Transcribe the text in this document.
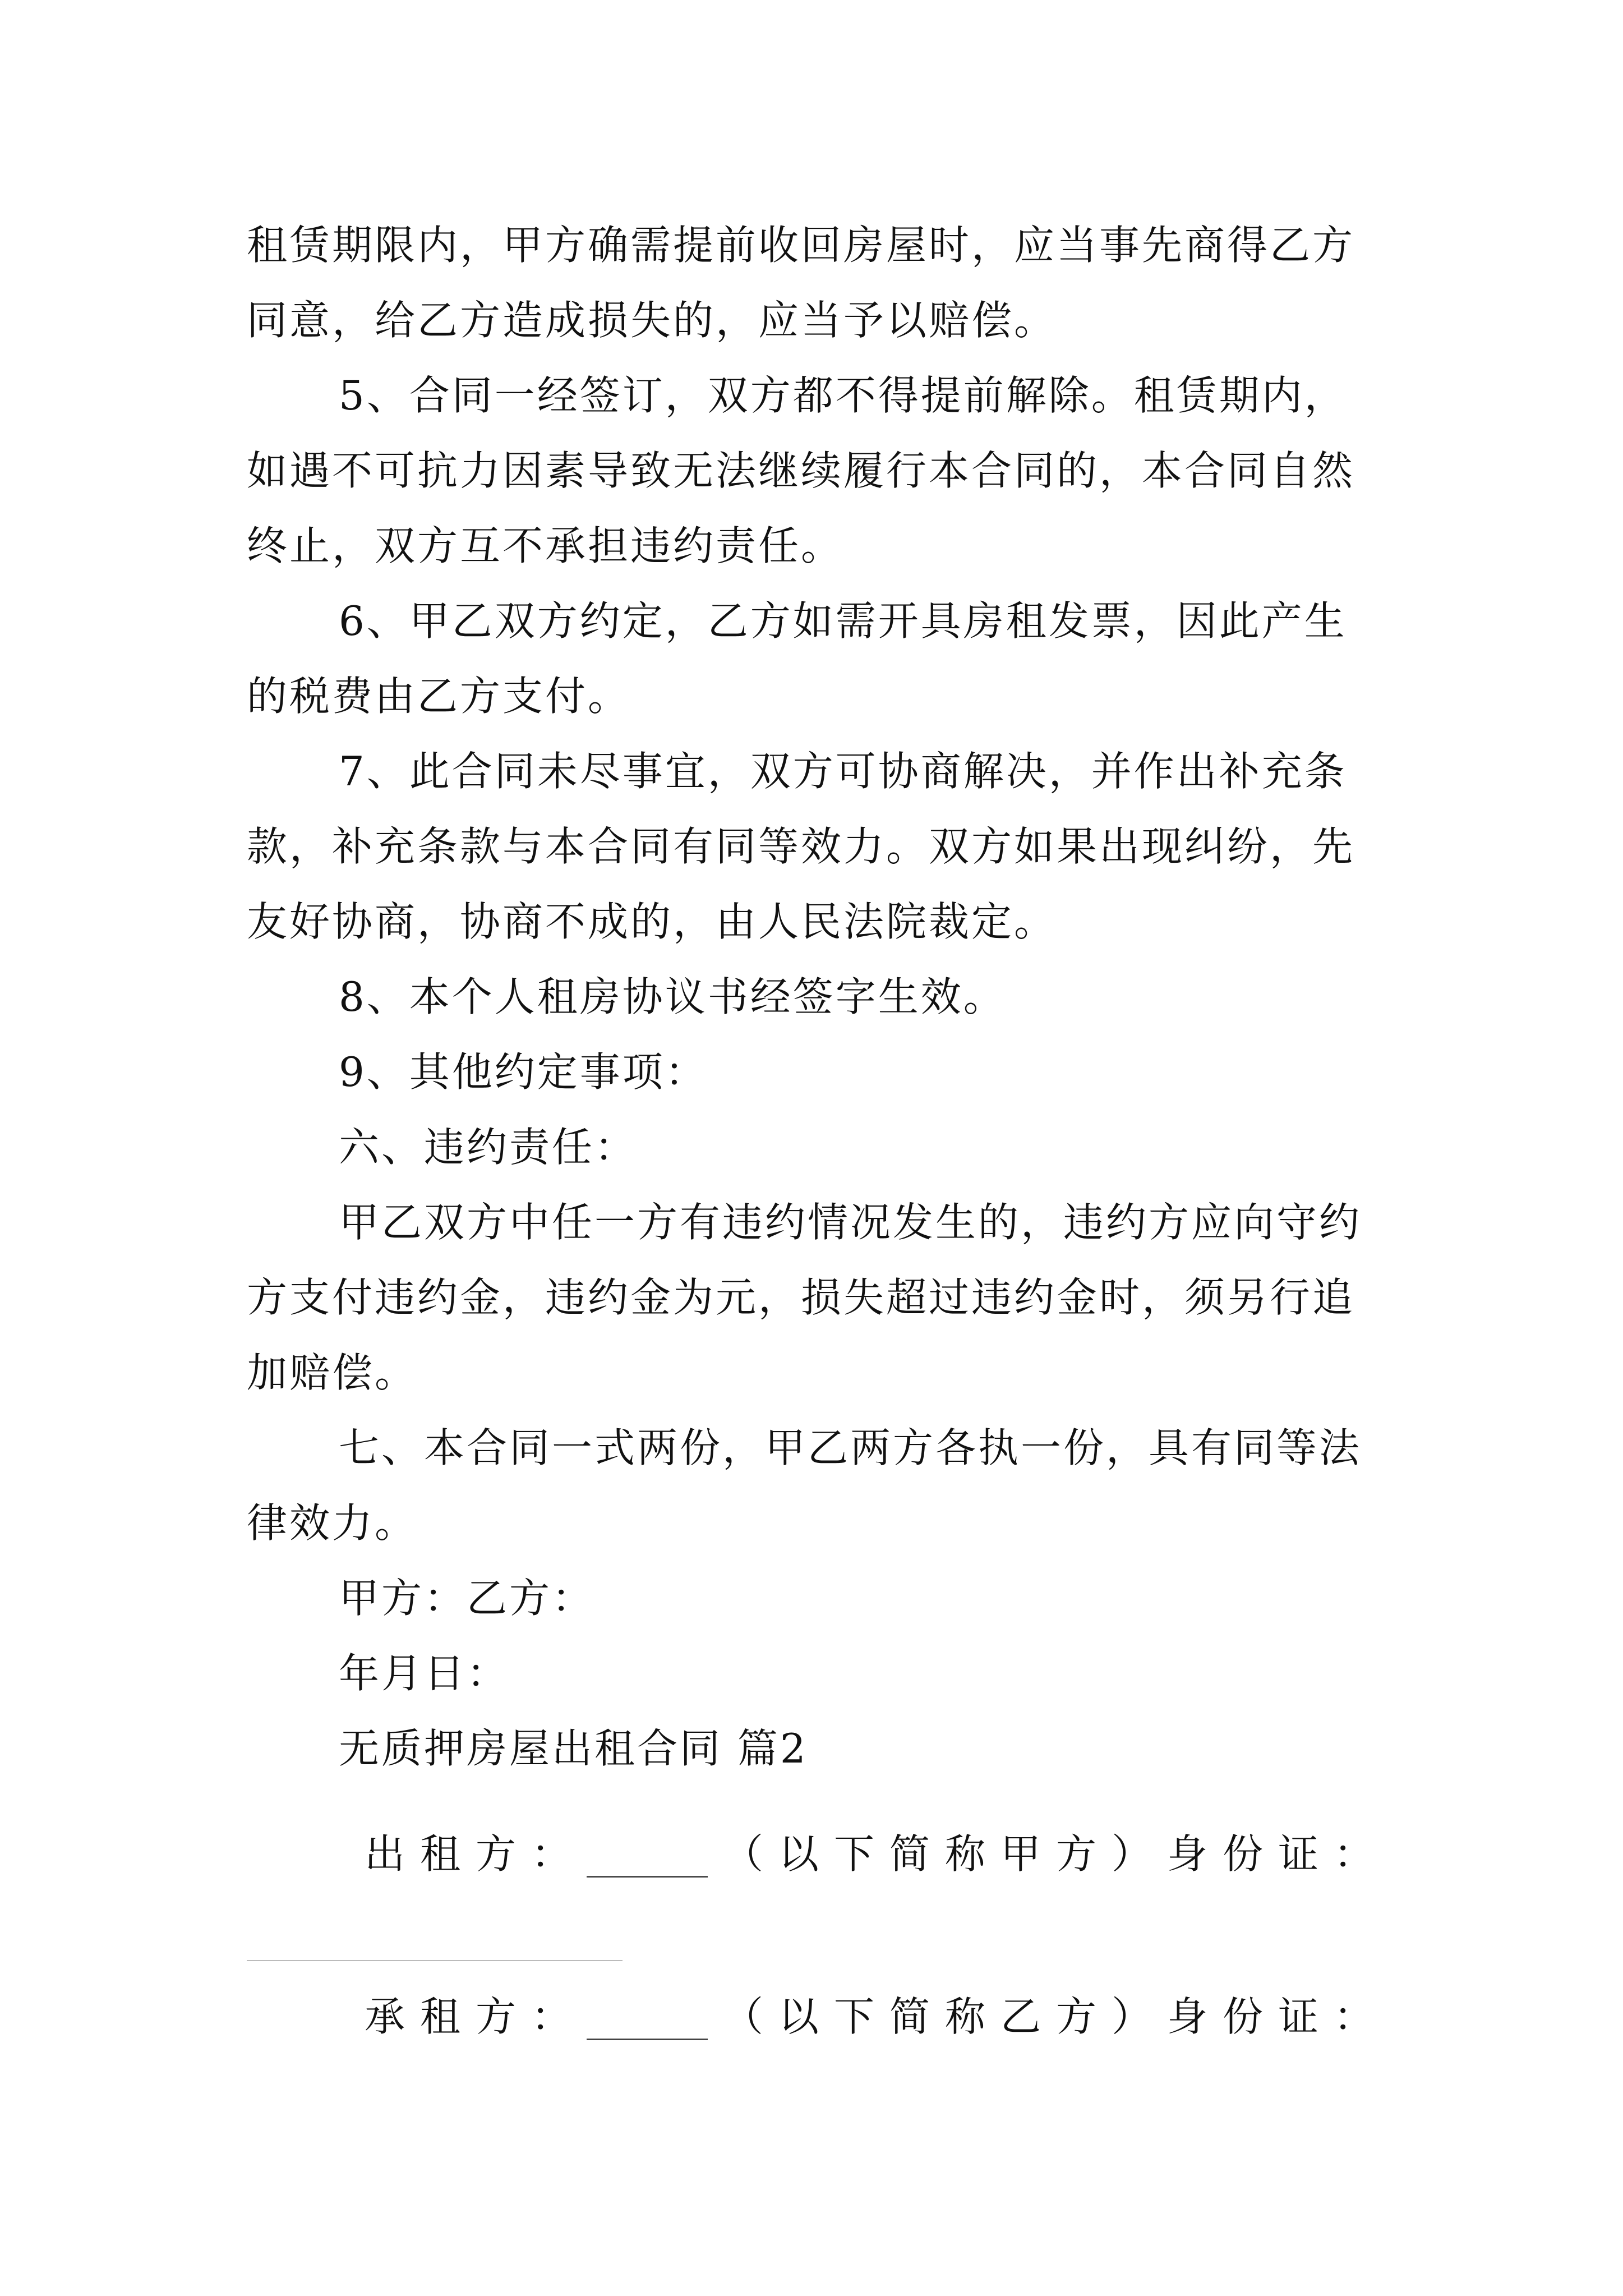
租赁期限内，甲方确需提前收回房屋时，应当事先商得乙方
同意，给乙方造成损失的，应当予以赔偿。
5、合同一经签订，双方都不得提前解除。租赁期内，
如遇不可抗力因素导致无法继续履行本合同的，本合同自然
终止，双方互不承担违约责任。
6、甲乙双方约定，乙方如需开具房租发票，因此产生
的税费由乙方支付。
7、此合同未尽事宜，双方可协商解决，并作出补充条
款，补充条款与本合同有同等效力。双方如果出现纠纷，先
友好协商，协商不成的，由人民法院裁定。
8、本个人租房协议书经签字生效。
9、其他约定事项：
六、违约责任：
甲乙双方中任一方有违约情况发生的，违约方应向守约
方支付违约金，违约金为元，损失超过违约金时，须另行追
加赔偿。
七、本合同一式两份，甲乙两方各执一份，具有同等法
律效力。
甲方：乙方：
年月日：
无质押房屋出租合同 篇2
出 租 方 ： ______ （ 以 下 简 称 甲 方 ） 身 份 证 ：
承 租 方 ： ______ （ 以 下 简 称 乙 方 ） 身 份 证 ：
